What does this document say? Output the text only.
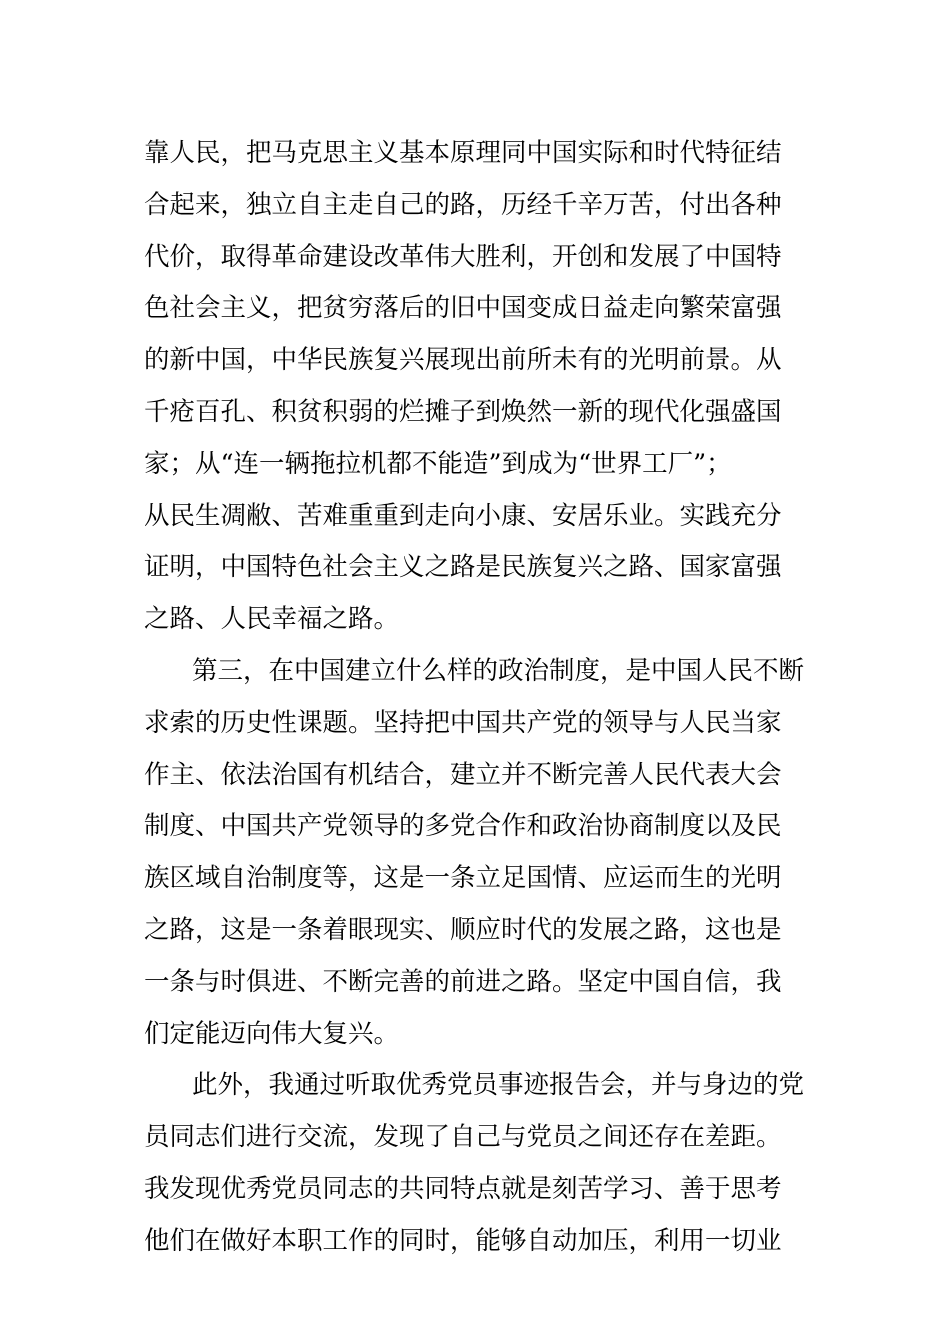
靠人民，把马克思主义基本原理同中国实际和时代特征结
合起来，独立自主走自己的路，历经千辛万苦，付出各种
代价，取得革命建设改革伟大胜利，开创和发展了中国特
色社会主义，把贫穷落后的旧中国变成日益走向繁荣富强
的新中国，中华民族复兴展现出前所未有的光明前景。从
千疮百孔、积贫积弱的烂摊子到焕然一新的现代化强盛国
家；从“连一辆拖拉机都不能造”到成为“世界工厂”；
从民生凋敝、苦难重重到走向小康、安居乐业。实践充分
证明，中国特色社会主义之路是民族复兴之路、国家富强
之路、人民幸福之路。
第三，在中国建立什么样的政治制度，是中国人民不断
求索的历史性课题。坚持把中国共产党的领导与人民当家
作主、依法治国有机结合，建立并不断完善人民代表大会
制度、中国共产党领导的多党合作和政治协商制度以及民
族区域自治制度等，这是一条立足国情、应运而生的光明
之路，这是一条着眼现实、顺应时代的发展之路，这也是
一条与时俱进、不断完善的前进之路。坚定中国自信，我
们定能迈向伟大复兴。
此外，我通过听取优秀党员事迹报告会，并与身边的党
员同志们进行交流，发现了自己与党员之间还存在差距。
我发现优秀党员同志的共同特点就是刻苦学习、善于思考
他们在做好本职工作的同时，能够自动加压，利用一切业
